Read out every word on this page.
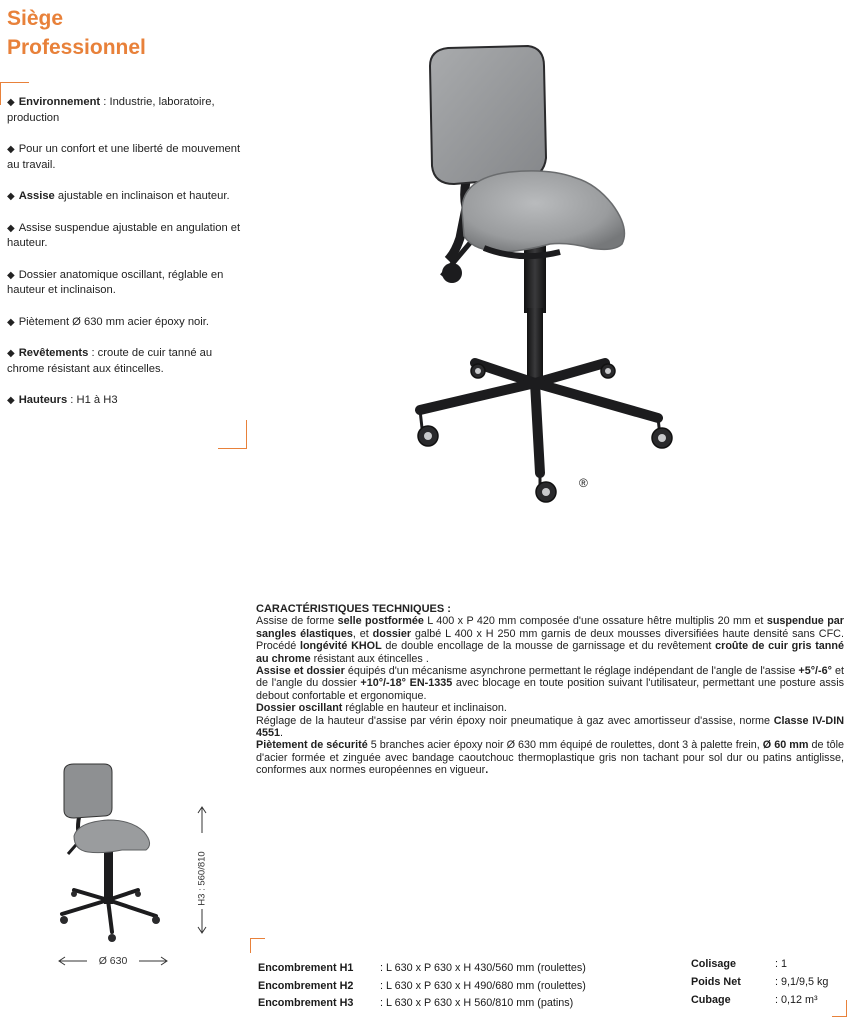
Siège
Professionnel

◆ Environnement : Industrie, laboratoire, production

◆ Pour un confort et une liberté de mouvement au travail.

◆ Assise ajustable en inclinaison et hauteur.

◆ Assise suspendue ajustable en angulation et hauteur.

◆ Dossier anatomique oscillant, réglable en hauteur et inclinaison.

◆ Piètement Ø 630 mm acier époxy noir.

◆ Revêtements : croute de cuir tanné au chrome résistant aux étincelles.

◆ Hauteurs : H1 à H3

®
CARACTÉRISTIQUES TECHNIQUES :

Assise de forme selle postformée L 400 x P 420 mm composée d'une ossature hêtre multiplis 20 mm et suspendue par sangles élastiques, et dossier galbé L 400 x H 250 mm garnis de deux mousses diversifiées haute densité sans CFC. Procédé longévité KHOL de double encollage de la mousse de garnissage et du revêtement croûte de cuir gris tanné au chrome résistant aux étincelles .

Assise et dossier équipés d'un mécanisme asynchrone permettant le réglage indépendant de l'angle de l'assise +5°/-6° et de l'angle du dossier +10°/-18° EN-1335 avec blocage en toute position suivant l'utilisateur, permettant une posture assis debout confortable et ergonomique.

Dossier oscillant réglable en hauteur et inclinaison.

Réglage de la hauteur d'assise par vérin époxy noir pneumatique à gaz avec amortisseur d'assise, norme Classe IV-DIN 4551.

Piètement de sécurité 5 branches acier époxy noir Ø 630 mm équipé de roulettes, dont 3 à palette frein, Ø 60 mm de tôle d'acier formée et zinguée avec bandage caoutchouc thermoplastique gris non tachant pour sol dur ou patins antiglisse, conformes aux normes européennes en vigueur.

H3 : 560/810
Ø 630
Encombrement H1	: L 630 x P 630 x H 430/560 mm (roulettes)
Encombrement H2	: L 630 x P 630 x H 490/680 mm (roulettes)
Encombrement H3	: L 630 x P 630 x H 560/810 mm (patins)
Colisage	: 1
Poids Net	: 9,1/9,5 kg
Cubage	: 0,12 m³
